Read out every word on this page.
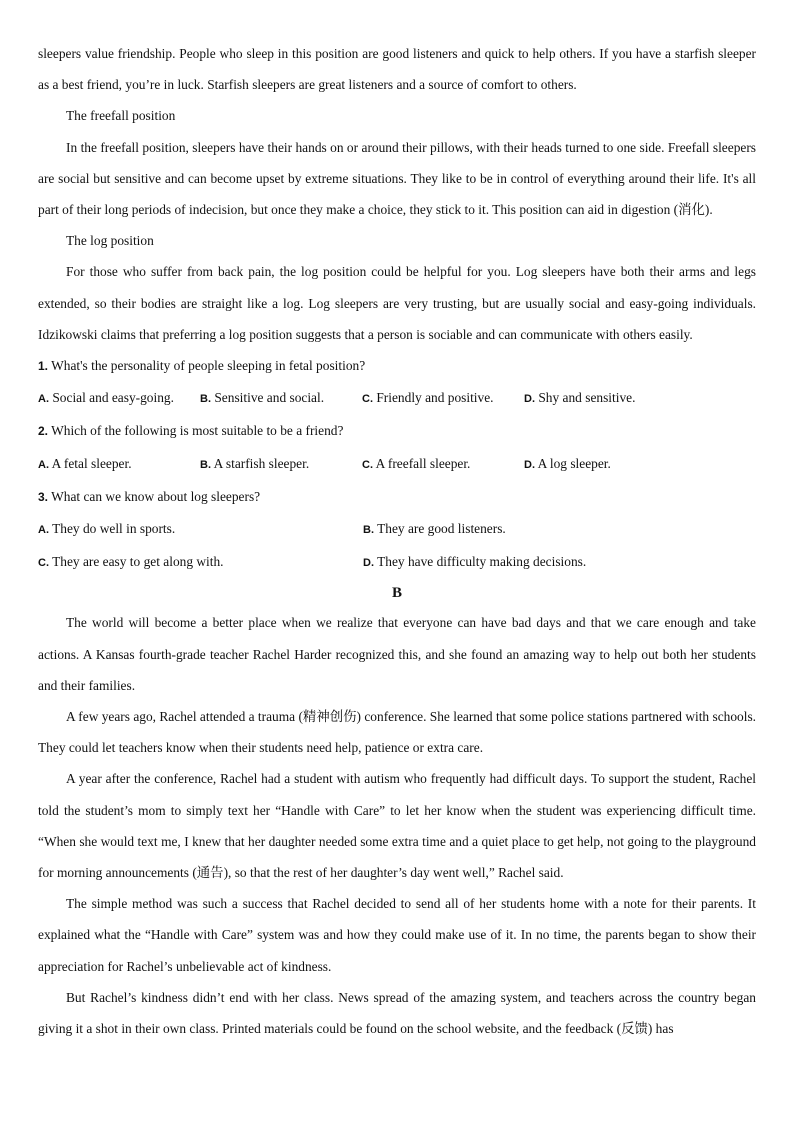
sleepers value friendship. People who sleep in this position are good listeners and quick to help others. If you have a starfish sleeper as a best friend, you’re in luck. Starfish sleepers are great listeners and a source of comfort to others.

The freefall position

In the freefall position, sleepers have their hands on or around their pillows, with their heads turned to one side. Freefall sleepers are social but sensitive and can become upset by extreme situations. They like to be in control of everything around their life. It's all part of their long periods of indecision, but once they make a choice, they stick to it. This position can aid in digestion (消化).

The log position

For those who suffer from back pain, the log position could be helpful for you. Log sleepers have both their arms and legs extended, so their bodies are straight like a log. Log sleepers are very trusting, but are usually social and easy-going individuals. Idzikowski claims that preferring a log position suggests that a person is sociable and can communicate with others easily.

1. What's the personality of people sleeping in fetal position?
A. Social and easy-going.	B. Sensitive and social.	C. Friendly and positive.	D. Shy and sensitive.
2. Which of the following is most suitable to be a friend?
A. A fetal sleeper.	B. A starfish sleeper.	C. A freefall sleeper.	D. A log sleeper.
3. What can we know about log sleepers?
A. They do well in sports.	B. They are good listeners.
C. They are easy to get along with.	D. They have difficulty making decisions.
B

The world will become a better place when we realize that everyone can have bad days and that we care enough and take actions. A Kansas fourth-grade teacher Rachel Harder recognized this, and she found an amazing way to help out both her students and their families.

A few years ago, Rachel attended a trauma (精神创伤) conference. She learned that some police stations partnered with schools. They could let teachers know when their students need help, patience or extra care.

A year after the conference, Rachel had a student with autism who frequently had difficult days. To support the student, Rachel told the student’s mom to simply text her “Handle with Care” to let her know when the student was experiencing difficult time. “When she would text me, I knew that her daughter needed some extra time and a quiet place to get help, not going to the playground for morning announcements (通告), so that the rest of her daughter’s day went well,” Rachel said.

The simple method was such a success that Rachel decided to send all of her students home with a note for their parents. It explained what the “Handle with Care” system was and how they could make use of it. In no time, the parents began to show their appreciation for Rachel’s unbelievable act of kindness.

But Rachel’s kindness didn’t end with her class. News spread of the amazing system, and teachers across the country began giving it a shot in their own class. Printed materials could be found on the school website, and the feedback (反馈) has
